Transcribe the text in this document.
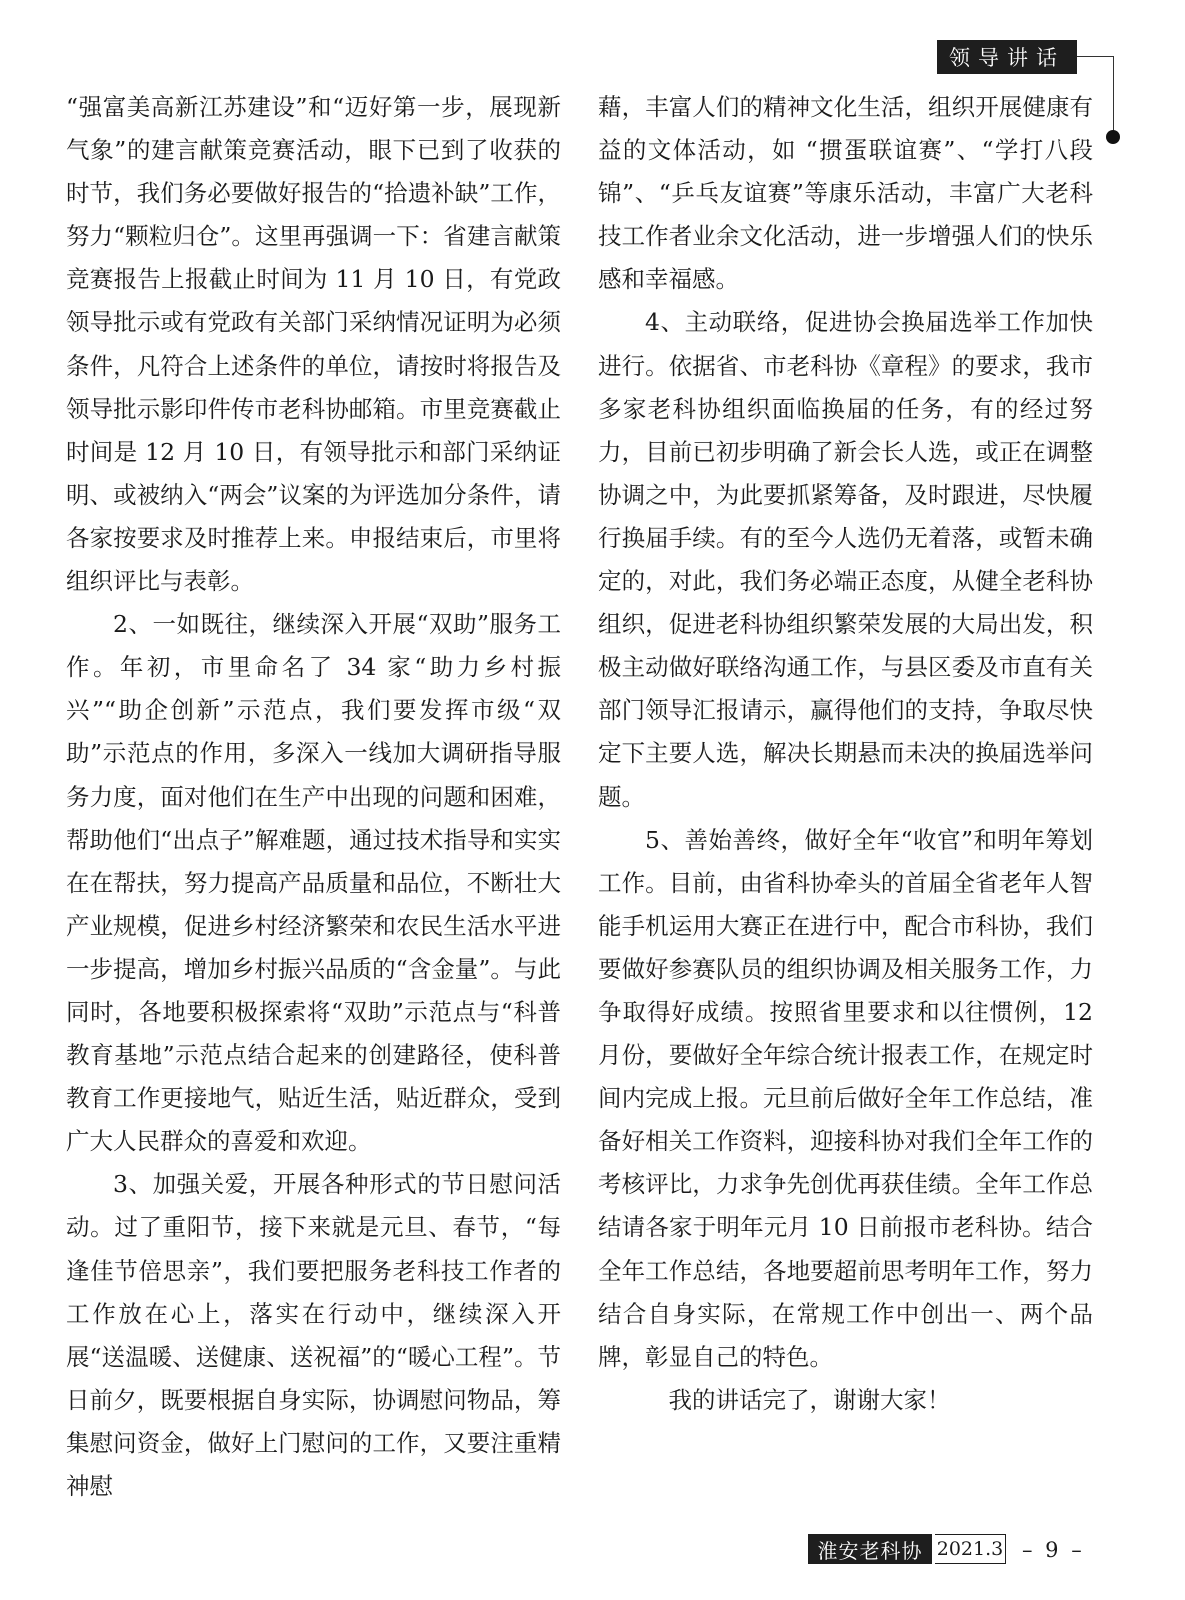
领导讲话

“强富美高新江苏建设”和“迈好第一步，展现新气象”的建言献策竞赛活动，眼下已到了收获的时节，我们务必要做好报告的“拾遗补缺”工作，努力“颗粒归仓”。这里再强调一下：省建言献策竞赛报告上报截止时间为 11 月 10 日，有党政领导批示或有党政有关部门采纳情况证明为必须条件，凡符合上述条件的单位，请按时将报告及领导批示影印件传市老科协邮箱。市里竞赛截止时间是 12 月 10 日，有领导批示和部门采纳证明、或被纳入“两会”议案的为评选加分条件，请各家按要求及时推荐上来。申报结束后，市里将组织评比与表彰。

2、一如既往，继续深入开展“双助”服务工作。年初，市里命名了 34 家“助力乡村振兴”“助企创新”示范点，我们要发挥市级“双助”示范点的作用，多深入一线加大调研指导服务力度，面对他们在生产中出现的问题和困难，帮助他们“出点子”解难题，通过技术指导和实实在在帮扶，努力提高产品质量和品位，不断壮大产业规模，促进乡村经济繁荣和农民生活水平进一步提高，增加乡村振兴品质的“含金量”。与此同时，各地要积极探索将“双助”示范点与“科普教育基地”示范点结合起来的创建路径，使科普教育工作更接地气，贴近生活，贴近群众，受到广大人民群众的喜爱和欢迎。

3、加强关爱，开展各种形式的节日慰问活动。过了重阳节，接下来就是元旦、春节，“每逢佳节倍思亲”，我们要把服务老科技工作者的工作放在心上，落实在行动中，继续深入开展“送温暖、送健康、送祝福”的“暖心工程”。节日前夕，既要根据自身实际，协调慰问物品，筹集慰问资金，做好上门慰问的工作，又要注重精神慰

藉，丰富人们的精神文化生活，组织开展健康有益的文体活动，如 “掼蛋联谊赛”、“学打八段锦”、“乒乓友谊赛”等康乐活动，丰富广大老科技工作者业余文化活动，进一步增强人们的快乐感和幸福感。

4、主动联络，促进协会换届选举工作加快进行。依据省、市老科协《章程》的要求，我市多家老科协组织面临换届的任务，有的经过努力，目前已初步明确了新会长人选，或正在调整协调之中，为此要抓紧筹备，及时跟进，尽快履行换届手续。有的至今人选仍无着落，或暂未确定的，对此，我们务必端正态度，从健全老科协组织，促进老科协组织繁荣发展的大局出发，积极主动做好联络沟通工作，与县区委及市直有关部门领导汇报请示，赢得他们的支持，争取尽快定下主要人选，解决长期悬而未决的换届选举问题。

5、善始善终，做好全年“收官”和明年筹划工作。目前，由省科协牵头的首届全省老年人智能手机运用大赛正在进行中，配合市科协，我们要做好参赛队员的组织协调及相关服务工作，力争取得好成绩。按照省里要求和以往惯例，12 月份，要做好全年综合统计报表工作，在规定时间内完成上报。元旦前后做好全年工作总结，准备好相关工作资料，迎接科协对我们全年工作的考核评比，力求争先创优再获佳绩。全年工作总结请各家于明年元月 10 日前报市老科协。结合全年工作总结，各地要超前思考明年工作，努力结合自身实际，在常规工作中创出一、两个品牌，彰显自己的特色。

我的讲话完了，谢谢大家！

淮安老科协 2021.3 – 9 –
